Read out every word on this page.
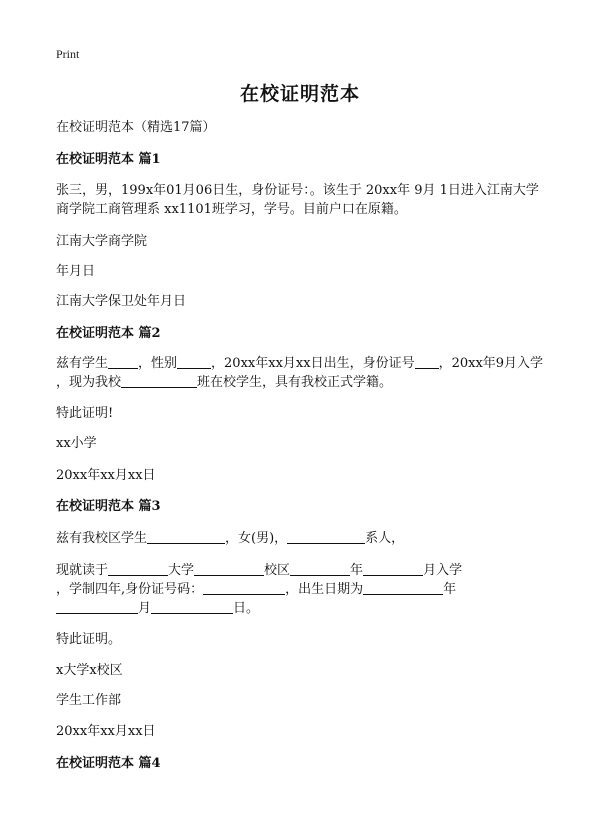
Print
在校证明范本
在校证明范本（精选17篇）
在校证明范本 篇1
张三，男，199x年01月06日生，身份证号：。该生于 20xx年 9月 1日进入江南大学
商学院工商管理系 xx1101班学习，学号。目前户口在原籍。
江南大学商学院
年月日
江南大学保卫处年月日
在校证明范本 篇2
兹有学生 ，性别	，20xx年xx月xx日出生，身份证号 ，20xx年9月入学
，现为我校	班在校学生，具有我校正式学籍。
特此证明!
xx小学
20xx年xx月xx日
在校证明范本 篇3
兹有我校区学生	，女(男)，	系人，
现就读于	大学	校区	年	月入学
，学制四年,身份证号码：	，出生日期为	年
月	日。
特此证明。
x大学x校区
学生工作部
20xx年xx月xx日
在校证明范本 篇4
